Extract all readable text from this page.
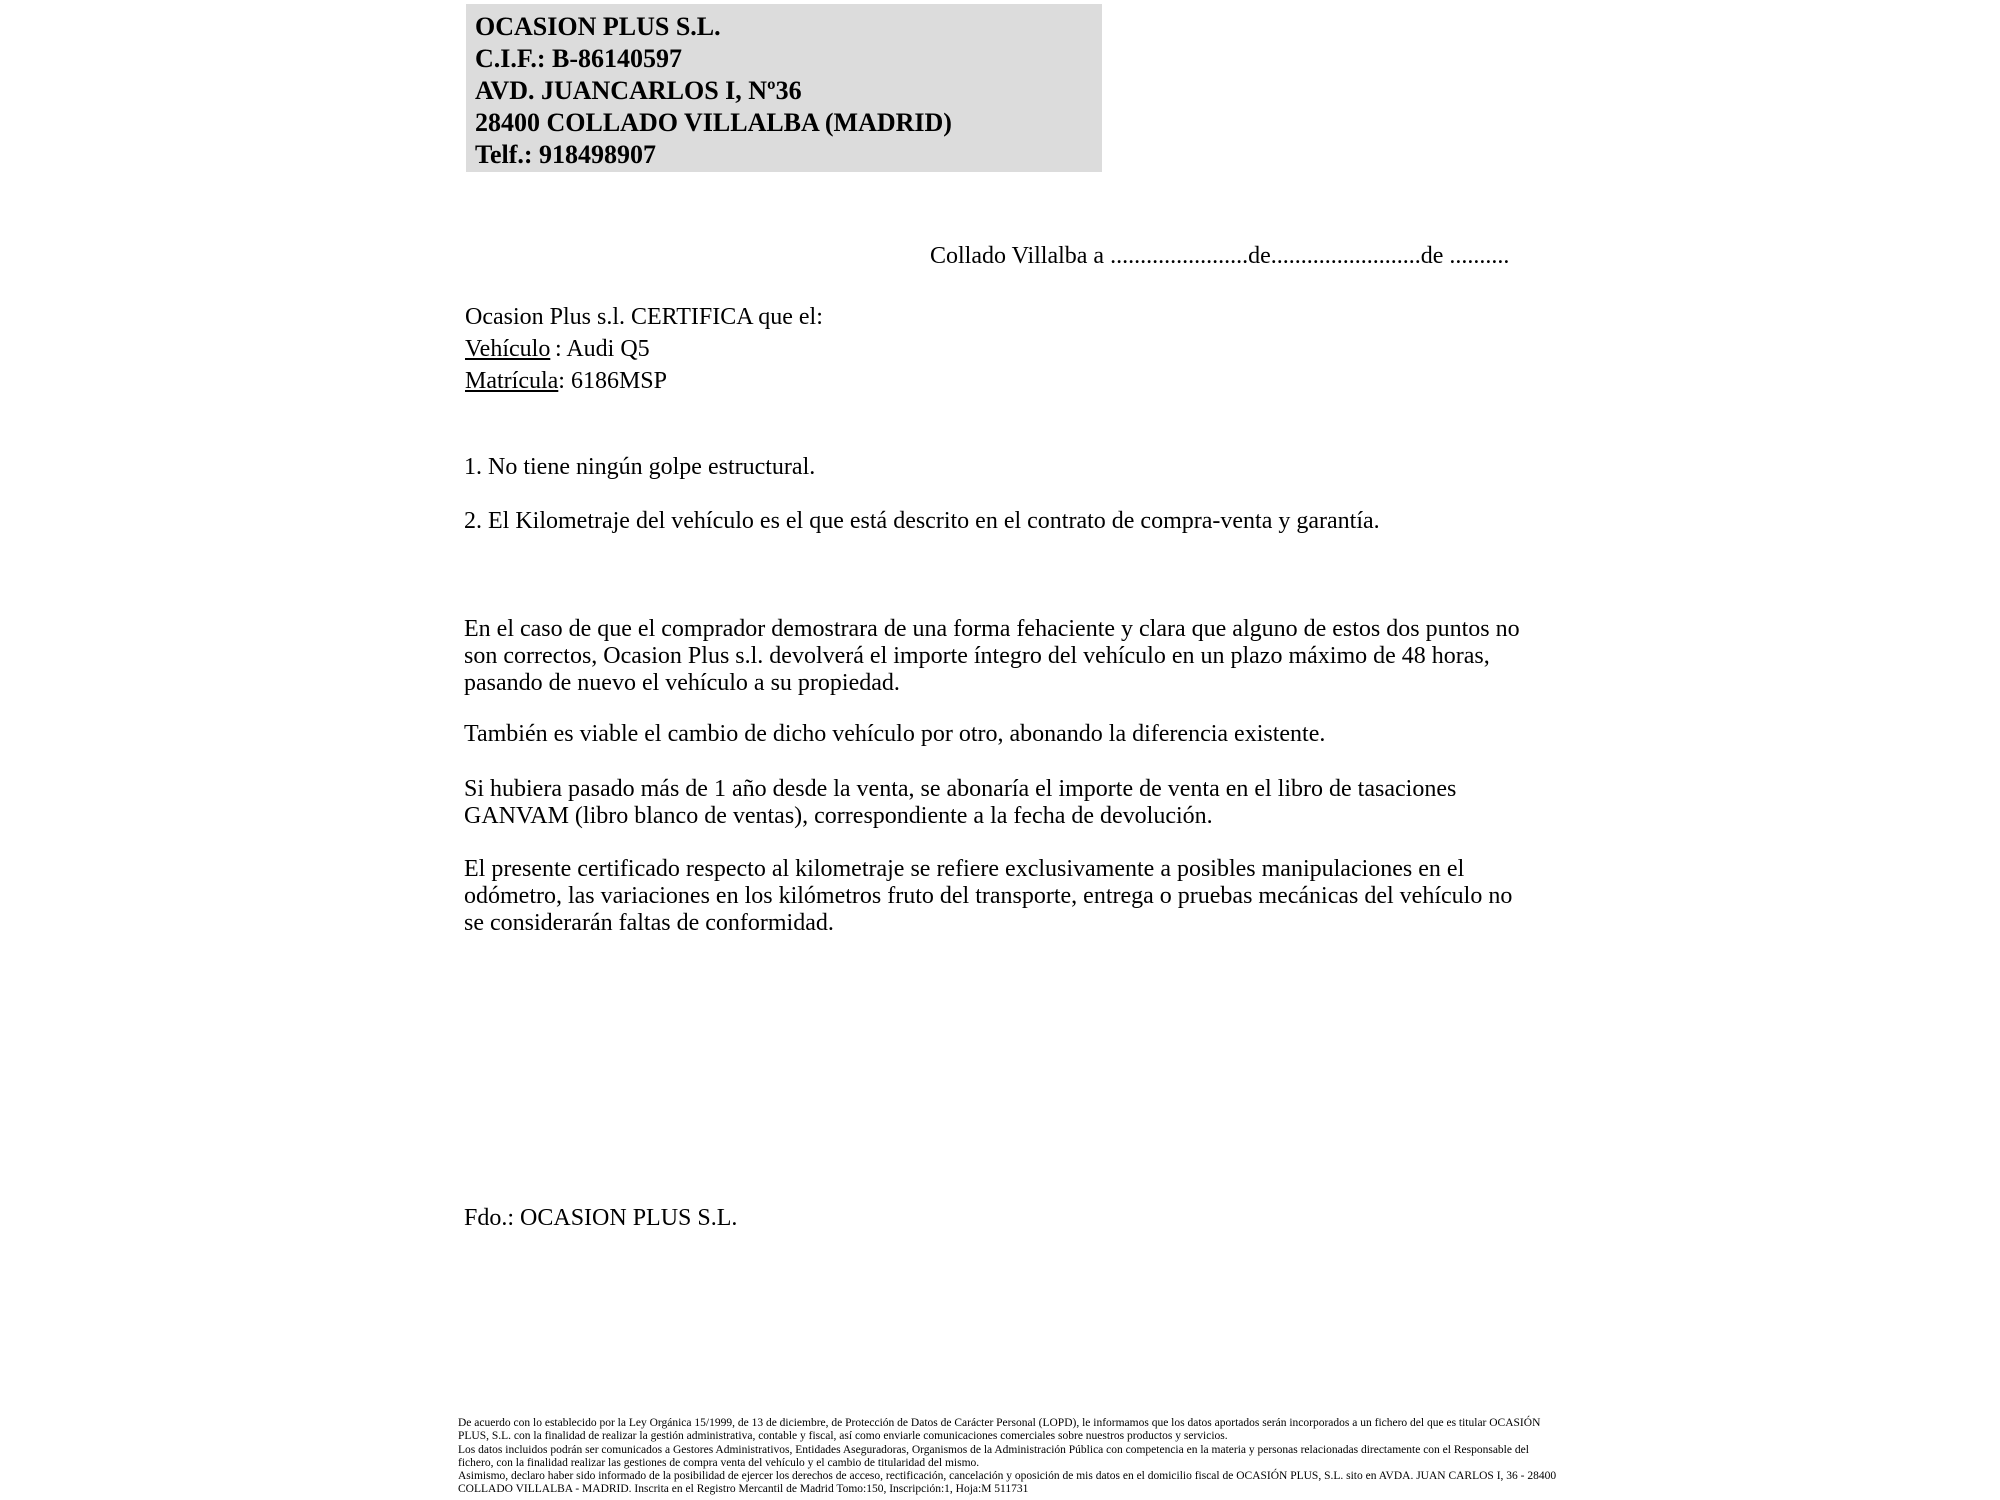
OCASION PLUS S.L.
C.I.F.: B-86140597
AVD. JUANCARLOS I, Nº36
28400 COLLADO VILLALBA (MADRID)
Telf.: 918498907
Collado Villalba a .......................de.........................de ..........
Ocasion Plus s.l. CERTIFICA que el:
Vehículo : Audi Q5
Matrícula: 6186MSP
1. No tiene ningún golpe estructural.
2. El Kilometraje del vehículo es el que está descrito en el contrato de compra-venta y garantía.
En el caso de que el comprador demostrara de una forma fehaciente y clara que alguno de estos dos puntos no son correctos, Ocasion Plus s.l. devolverá el importe íntegro del vehículo en un plazo máximo de 48 horas, pasando de nuevo el vehículo a su propiedad.
También es viable el cambio de dicho vehículo por otro, abonando la diferencia existente.
Si hubiera pasado más de 1 año desde la venta, se abonaría el importe de venta en el libro de tasaciones GANVAM (libro blanco de ventas), correspondiente a la fecha de devolución.
El presente certificado respecto al kilometraje se refiere exclusivamente a posibles manipulaciones en el odómetro, las variaciones en los kilómetros fruto del transporte, entrega o pruebas mecánicas del vehículo no se considerarán faltas de conformidad.
Fdo.: OCASION PLUS S.L.
De acuerdo con lo establecido por la Ley Orgánica 15/1999, de 13 de diciembre, de Protección de Datos de Carácter Personal (LOPD), le informamos que los datos aportados serán incorporados a un fichero del que es titular OCASIÓN PLUS, S.L. con la finalidad de realizar la gestión administrativa, contable y fiscal, así como enviarle comunicaciones comerciales sobre nuestros productos y servicios.
Los datos incluidos podrán ser comunicados a Gestores Administrativos, Entidades Aseguradoras, Organismos de la Administración Pública con competencia en la materia y personas relacionadas directamente con el Responsable del fichero, con la finalidad realizar las gestiones de compra venta del vehículo y el cambio de titularidad del mismo.
Asimismo, declaro haber sido informado de la posibilidad de ejercer los derechos de acceso, rectificación, cancelación y oposición de mis datos en el domicilio fiscal de OCASIÓN PLUS, S.L. sito en AVDA. JUAN CARLOS I, 36 - 28400 COLLADO VILLALBA - MADRID. Inscrita en el Registro Mercantil de Madrid Tomo:150, Inscripción:1, Hoja:M 511731
